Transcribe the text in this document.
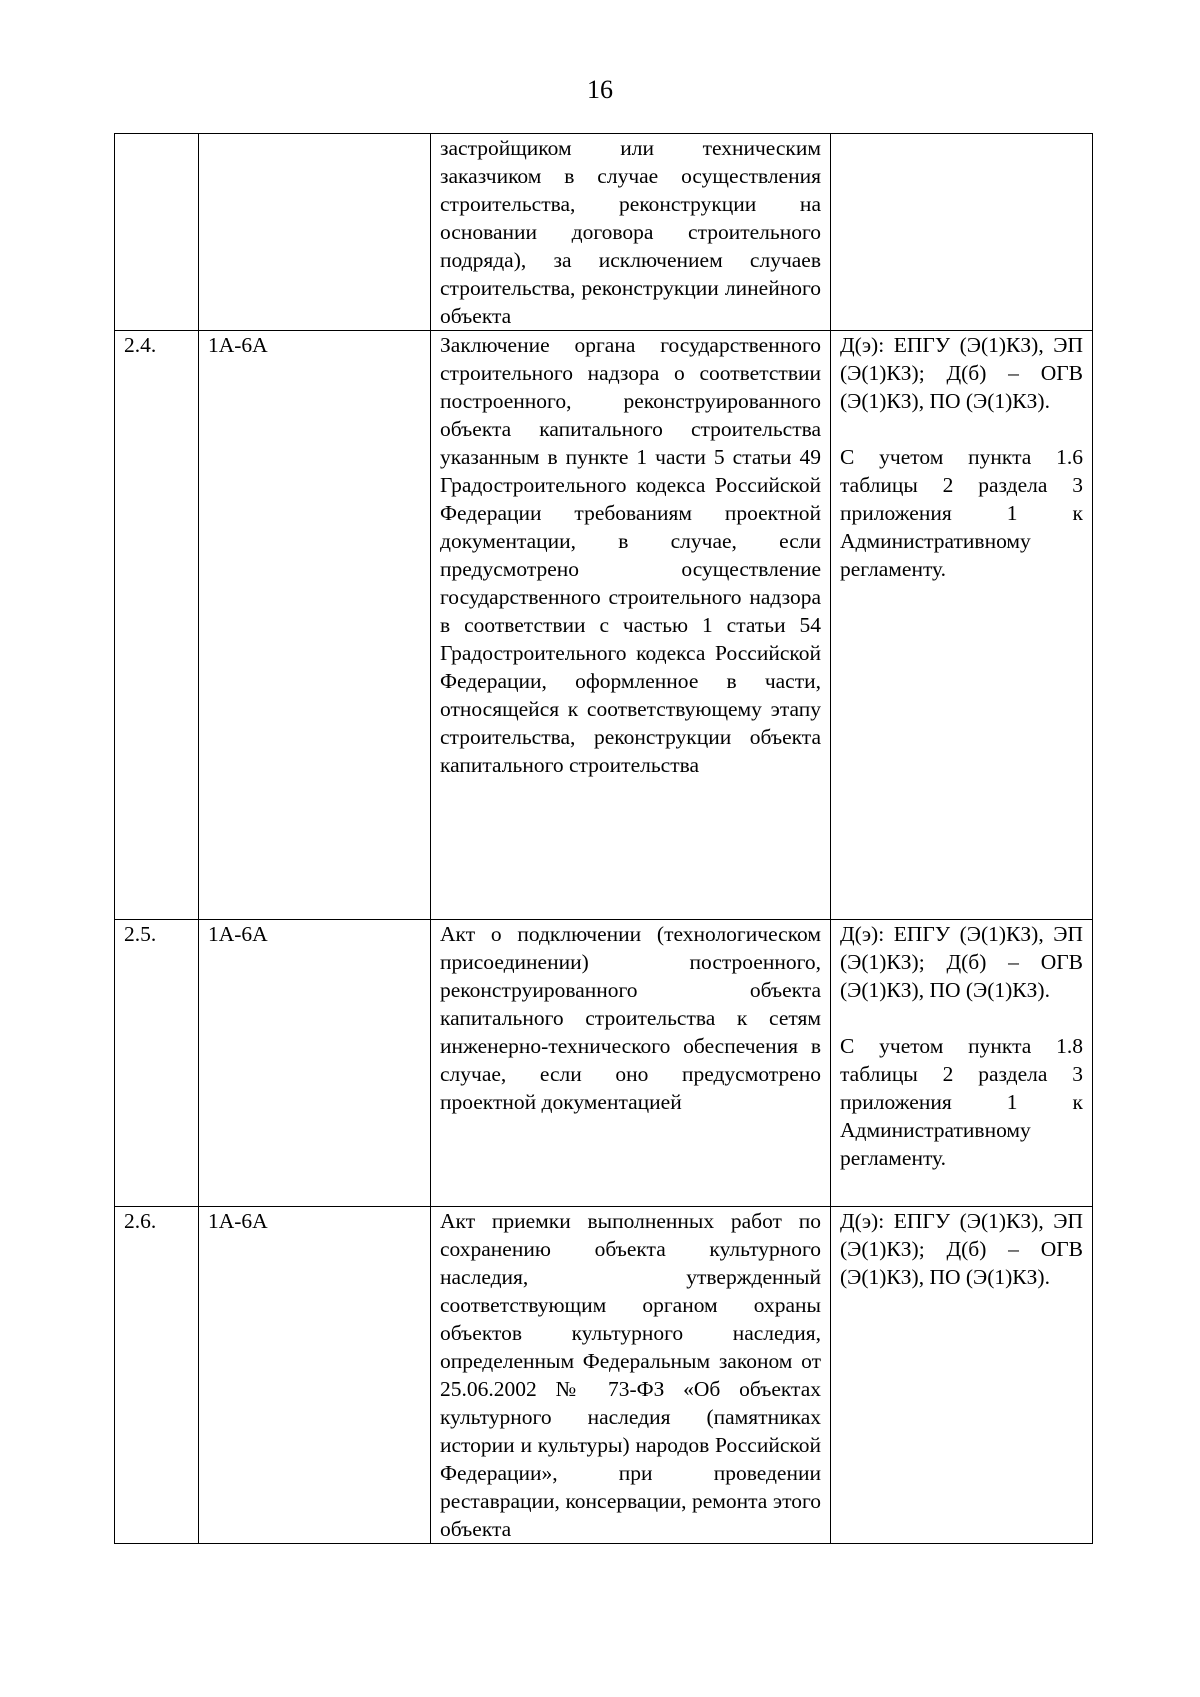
16
		застройщиком или техническим заказчиком в случае осуществления строительства, реконструкции на основании договора строительного подряда), за исключением случаев строительства, реконструкции линейного объекта	

2.4.	1А-6А	Заключение органа государственного строительного надзора о соответствии построенного, реконструированного объекта капитального строительства указанным в пункте 1 части 5 статьи 49 Градостроительного кодекса Российской Федерации требованиям проектной документации, в случае, если предусмотрено осуществление государственного строительного надзора в соответствии с частью 1 статьи 54 Градостроительного кодекса Российской Федерации, оформленное в части, относящейся к соответствующему этапу строительства, реконструкции объекта капитального строительства	Д(э): ЕПГУ (Э(1)КЗ), ЭП (Э(1)КЗ); Д(б) – ОГВ (Э(1)КЗ), ПО (Э(1)КЗ).
С учетом пункта 1.6 таблицы 2 раздела 3 приложения 1 к Административному регламенту.

2.5.	1А-6А	Акт о подключении (технологическом присоединении) построенного, реконструированного объекта капитального строительства к сетям инженерно-технического обеспечения в случае, если оно предусмотрено проектной документацией	Д(э): ЕПГУ (Э(1)КЗ), ЭП (Э(1)КЗ); Д(б) – ОГВ (Э(1)КЗ), ПО (Э(1)КЗ).
С учетом пункта 1.8 таблицы 2 раздела 3 приложения 1 к Административному регламенту.

2.6.	1А-6А	Акт приемки выполненных работ по сохранению объекта культурного наследия, утвержденный соответствующим органом охраны объектов культурного наследия, определенным Федеральным законом от 25.06.2002 № 73-ФЗ «Об объектах культурного наследия (памятниках истории и культуры) народов Российской Федерации», при проведении реставрации, консервации, ремонта этого объекта	Д(э): ЕПГУ (Э(1)КЗ), ЭП (Э(1)КЗ); Д(б) – ОГВ (Э(1)КЗ), ПО (Э(1)КЗ).
